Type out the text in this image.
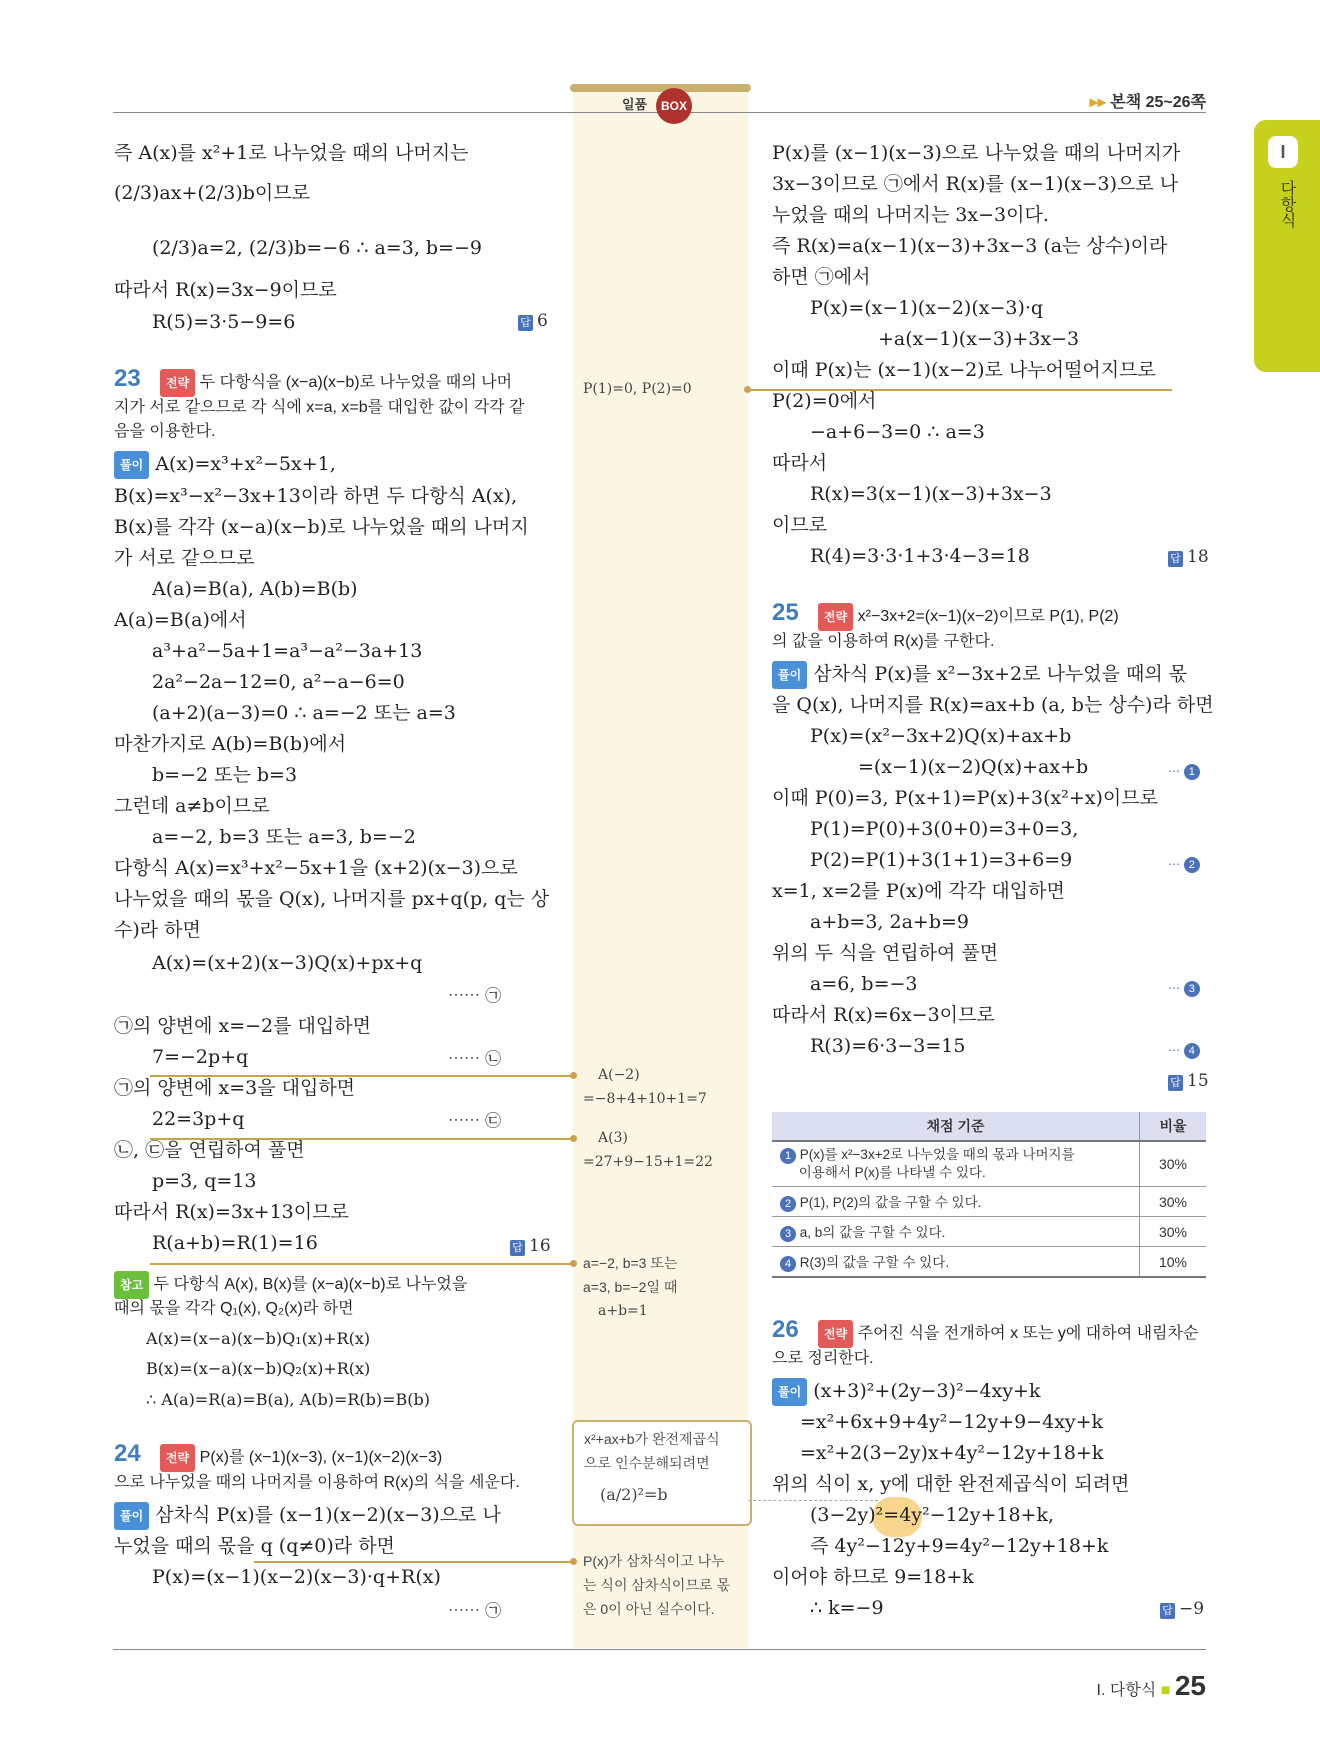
일품	BOX	▸▸ 본책 25~26쪽
I
다항식
즉 A(x)를 x²+1로 나누었을 때의 나머지는
(2/3)ax+(2/3)b이므로
(2/3)a=2, (2/3)b=−6 ∴ a=3, b=−9
따라서 R(x)=3x−9이므로
R(5)=3·5−9=6	답 6
23	전략 두 다항식을 (x−a)(x−b)로 나누었을 때의 나머
지가 서로 같으므로 각 식에 x=a, x=b를 대입한 값이 각각 같
음을 이용한다.
풀이 A(x)=x³+x²−5x+1,
B(x)=x³−x²−3x+13이라 하면 두 다항식 A(x),
B(x)를 각각 (x−a)(x−b)로 나누었을 때의 나머지
가 서로 같으므로
A(a)=B(a), A(b)=B(b)
A(a)=B(a)에서
a³+a²−5a+1=a³−a²−3a+13
2a²−2a−12=0, a²−a−6=0
(a+2)(a−3)=0 ∴ a=−2 또는 a=3
마찬가지로 A(b)=B(b)에서
b=−2 또는 b=3
그런데 a≠b이므로
a=−2, b=3 또는 a=3, b=−2
다항식 A(x)=x³+x²−5x+1을 (x+2)(x−3)으로
나누었을 때의 몫을 Q(x), 나머지를 px+q(p, q는 상
수)라 하면
A(x)=(x+2)(x−3)Q(x)+px+q
⋯⋯ ㉠
㉠의 양변에 x=−2를 대입하면
7=−2p+q	⋯⋯ ㉡
㉠의 양변에 x=3을 대입하면
22=3p+q	⋯⋯ ㉢
㉡, ㉢을 연립하여 풀면
p=3, q=13
따라서 R(x)=3x+13이므로
R(a+b)=R(1)=16	답 16
참고 두 다항식 A(x), B(x)를 (x−a)(x−b)로 나누었을
때의 몫을 각각 Q₁(x), Q₂(x)라 하면
A(x)=(x−a)(x−b)Q₁(x)+R(x)
B(x)=(x−a)(x−b)Q₂(x)+R(x)
∴ A(a)=R(a)=B(a), A(b)=R(b)=B(b)
24	전략 P(x)를 (x−1)(x−3), (x−1)(x−2)(x−3)
으로 나누었을 때의 나머지를 이용하여 R(x)의 식을 세운다.
풀이 삼차식 P(x)를 (x−1)(x−2)(x−3)으로 나
누었을 때의 몫을 q (q≠0)라 하면
P(x)=(x−1)(x−2)(x−3)·q+R(x)
⋯⋯ ㉠
P(1)=0, P(2)=0
A(−2)
=−8+4+10+1=7
A(3)
=27+9−15+1=22
a=−2, b=3 또는
a=3, b=−2일 때
a+b=1
x²+ax+b가 완전제곱식
으로 인수분해되려면
(a/2)²=b
P(x)가 삼차식이고 나누
는 식이 삼차식이므로 몫
은 0이 아닌 실수이다.
P(x)를 (x−1)(x−3)으로 나누었을 때의 나머지가
3x−3이므로 ㉠에서 R(x)를 (x−1)(x−3)으로 나
누었을 때의 나머지는 3x−3이다.
즉 R(x)=a(x−1)(x−3)+3x−3 (a는 상수)이라
하면 ㉠에서
P(x)=(x−1)(x−2)(x−3)·q
+a(x−1)(x−3)+3x−3
이때 P(x)는 (x−1)(x−2)로 나누어떨어지므로
P(2)=0에서
−a+6−3=0 ∴ a=3
따라서
R(x)=3(x−1)(x−3)+3x−3
이므로
R(4)=3·3·1+3·4−3=18	답 18
25	전략 x²−3x+2=(x−1)(x−2)이므로 P(1), P(2)
의 값을 이용하여 R(x)를 구한다.
풀이 삼차식 P(x)를 x²−3x+2로 나누었을 때의 몫
을 Q(x), 나머지를 R(x)=ax+b (a, b는 상수)라 하면
P(x)=(x²−3x+2)Q(x)+ax+b
=(x−1)(x−2)Q(x)+ax+b	⋯ 1
이때 P(0)=3, P(x+1)=P(x)+3(x²+x)이므로
P(1)=P(0)+3(0+0)=3+0=3,
P(2)=P(1)+3(1+1)=3+6=9	⋯ 2
x=1, x=2를 P(x)에 각각 대입하면
a+b=3, 2a+b=9
위의 두 식을 연립하여 풀면
a=6, b=−3	⋯ 3
따라서 R(x)=6x−3이므로
R(3)=6·3−3=15	⋯ 4
답 15
채점 기준	비율
1 P(x)를 x²−3x+2로 나누었을 때의 몫과 나머지를
이용해서 P(x)를 나타낼 수 있다.	30%
2 P(1), P(2)의 값을 구할 수 있다.	30%
3 a, b의 값을 구할 수 있다.	30%
4 R(3)의 값을 구할 수 있다.	10%
26	전략 주어진 식을 전개하여 x 또는 y에 대하여 내림차순
으로 정리한다.
풀이 (x+3)²+(2y−3)²−4xy+k
=x²+6x+9+4y²−12y+9−4xy+k
=x²+2(3−2y)x+4y²−12y+18+k
위의 식이 x, y에 대한 완전제곱식이 되려면
(3−2y)²=4y²−12y+18+k,
즉 4y²−12y+9=4y²−12y+18+k
이어야 하므로 9=18+k
∴ k=−9	답 −9
I. 다항식 ■ 25
